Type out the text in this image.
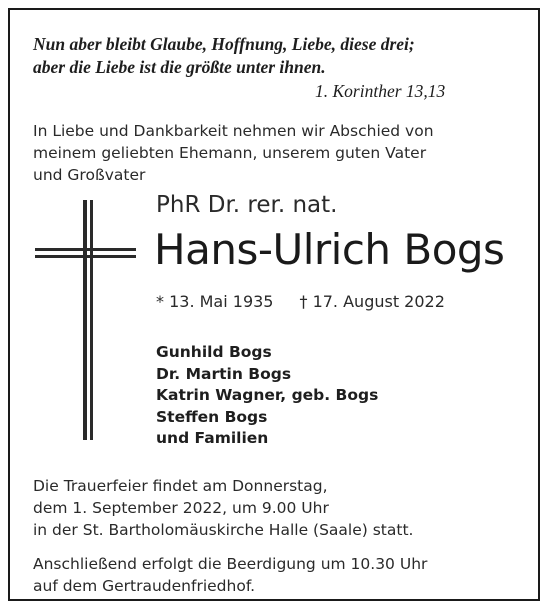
Nun aber bleibt Glaube, Hoffnung, Liebe, diese drei;
aber die Liebe ist die größte unter ihnen.
1. Korinther 13,13
In Liebe und Dankbarkeit nehmen wir Abschied von
meinem geliebten Ehemann, unserem guten Vater
und Großvater
PhR Dr. rer. nat.
Hans-Ulrich Bogs
* 13. Mai 1935 † 17. August 2022
Gunhild Bogs
Dr. Martin Bogs
Katrin Wagner, geb. Bogs
Steffen Bogs
und Familien
Die Trauerfeier findet am Donnerstag,
dem 1. September 2022, um 9.00 Uhr
in der St. Bartholomäuskirche Halle (Saale) statt.
Anschließend erfolgt die Beerdigung um 10.30 Uhr
auf dem Gertraudenfriedhof.
